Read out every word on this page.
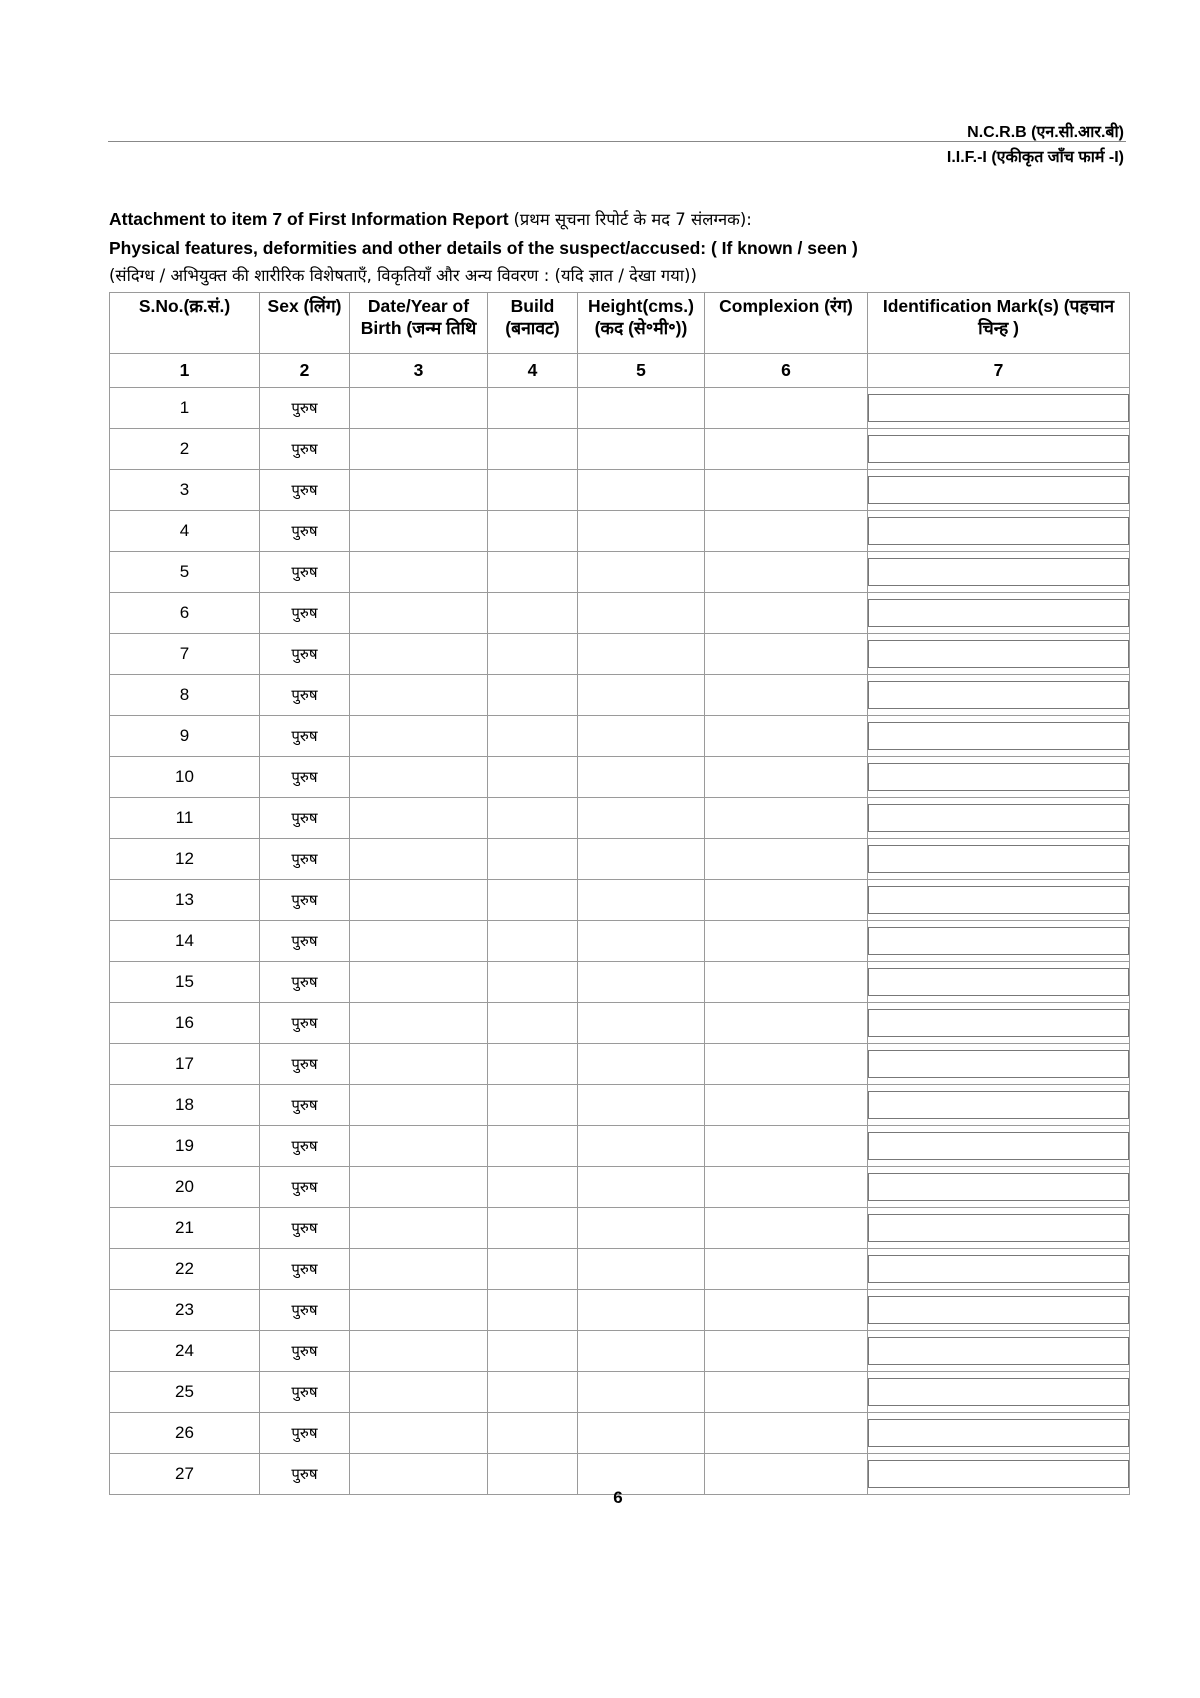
N.C.R.B (एन.सी.आर.बी)
I.I.F.-I (एकीकृत जाँच फार्म -I)
Attachment to item 7 of First Information Report (प्रथम सूचना रिपोर्ट के मद 7 संलग्नक):
Physical features, deformities and other details of the suspect/accused: ( If known / seen )
(संदिग्ध / अभियुक्त की शारीरिक विशेषताएँ, विकृतियाँ और अन्य विवरण : (यदि ज्ञात / देखा गया))
S.No.(क्र.सं.)	Sex (लिंग)	Date/Year of Birth (जन्म तिथि	Build (बनावट)	Height(cms.) (कद (से॰मी॰))	Complexion (रंग)	Identification Mark(s) (पहचान चिन्ह )
1	2	3	4	5	6	7
1	पुरुष					

2	पुरुष					

3	पुरुष					

4	पुरुष					

5	पुरुष					

6	पुरुष					

7	पुरुष					

8	पुरुष					

9	पुरुष					

10	पुरुष					

11	पुरुष					

12	पुरुष					

13	पुरुष					

14	पुरुष					

15	पुरुष					

16	पुरुष					

17	पुरुष					

18	पुरुष					

19	पुरुष					

20	पुरुष					

21	पुरुष					

22	पुरुष					

23	पुरुष					

24	पुरुष					

25	पुरुष					

26	पुरुष					

27	पुरुष					
6
